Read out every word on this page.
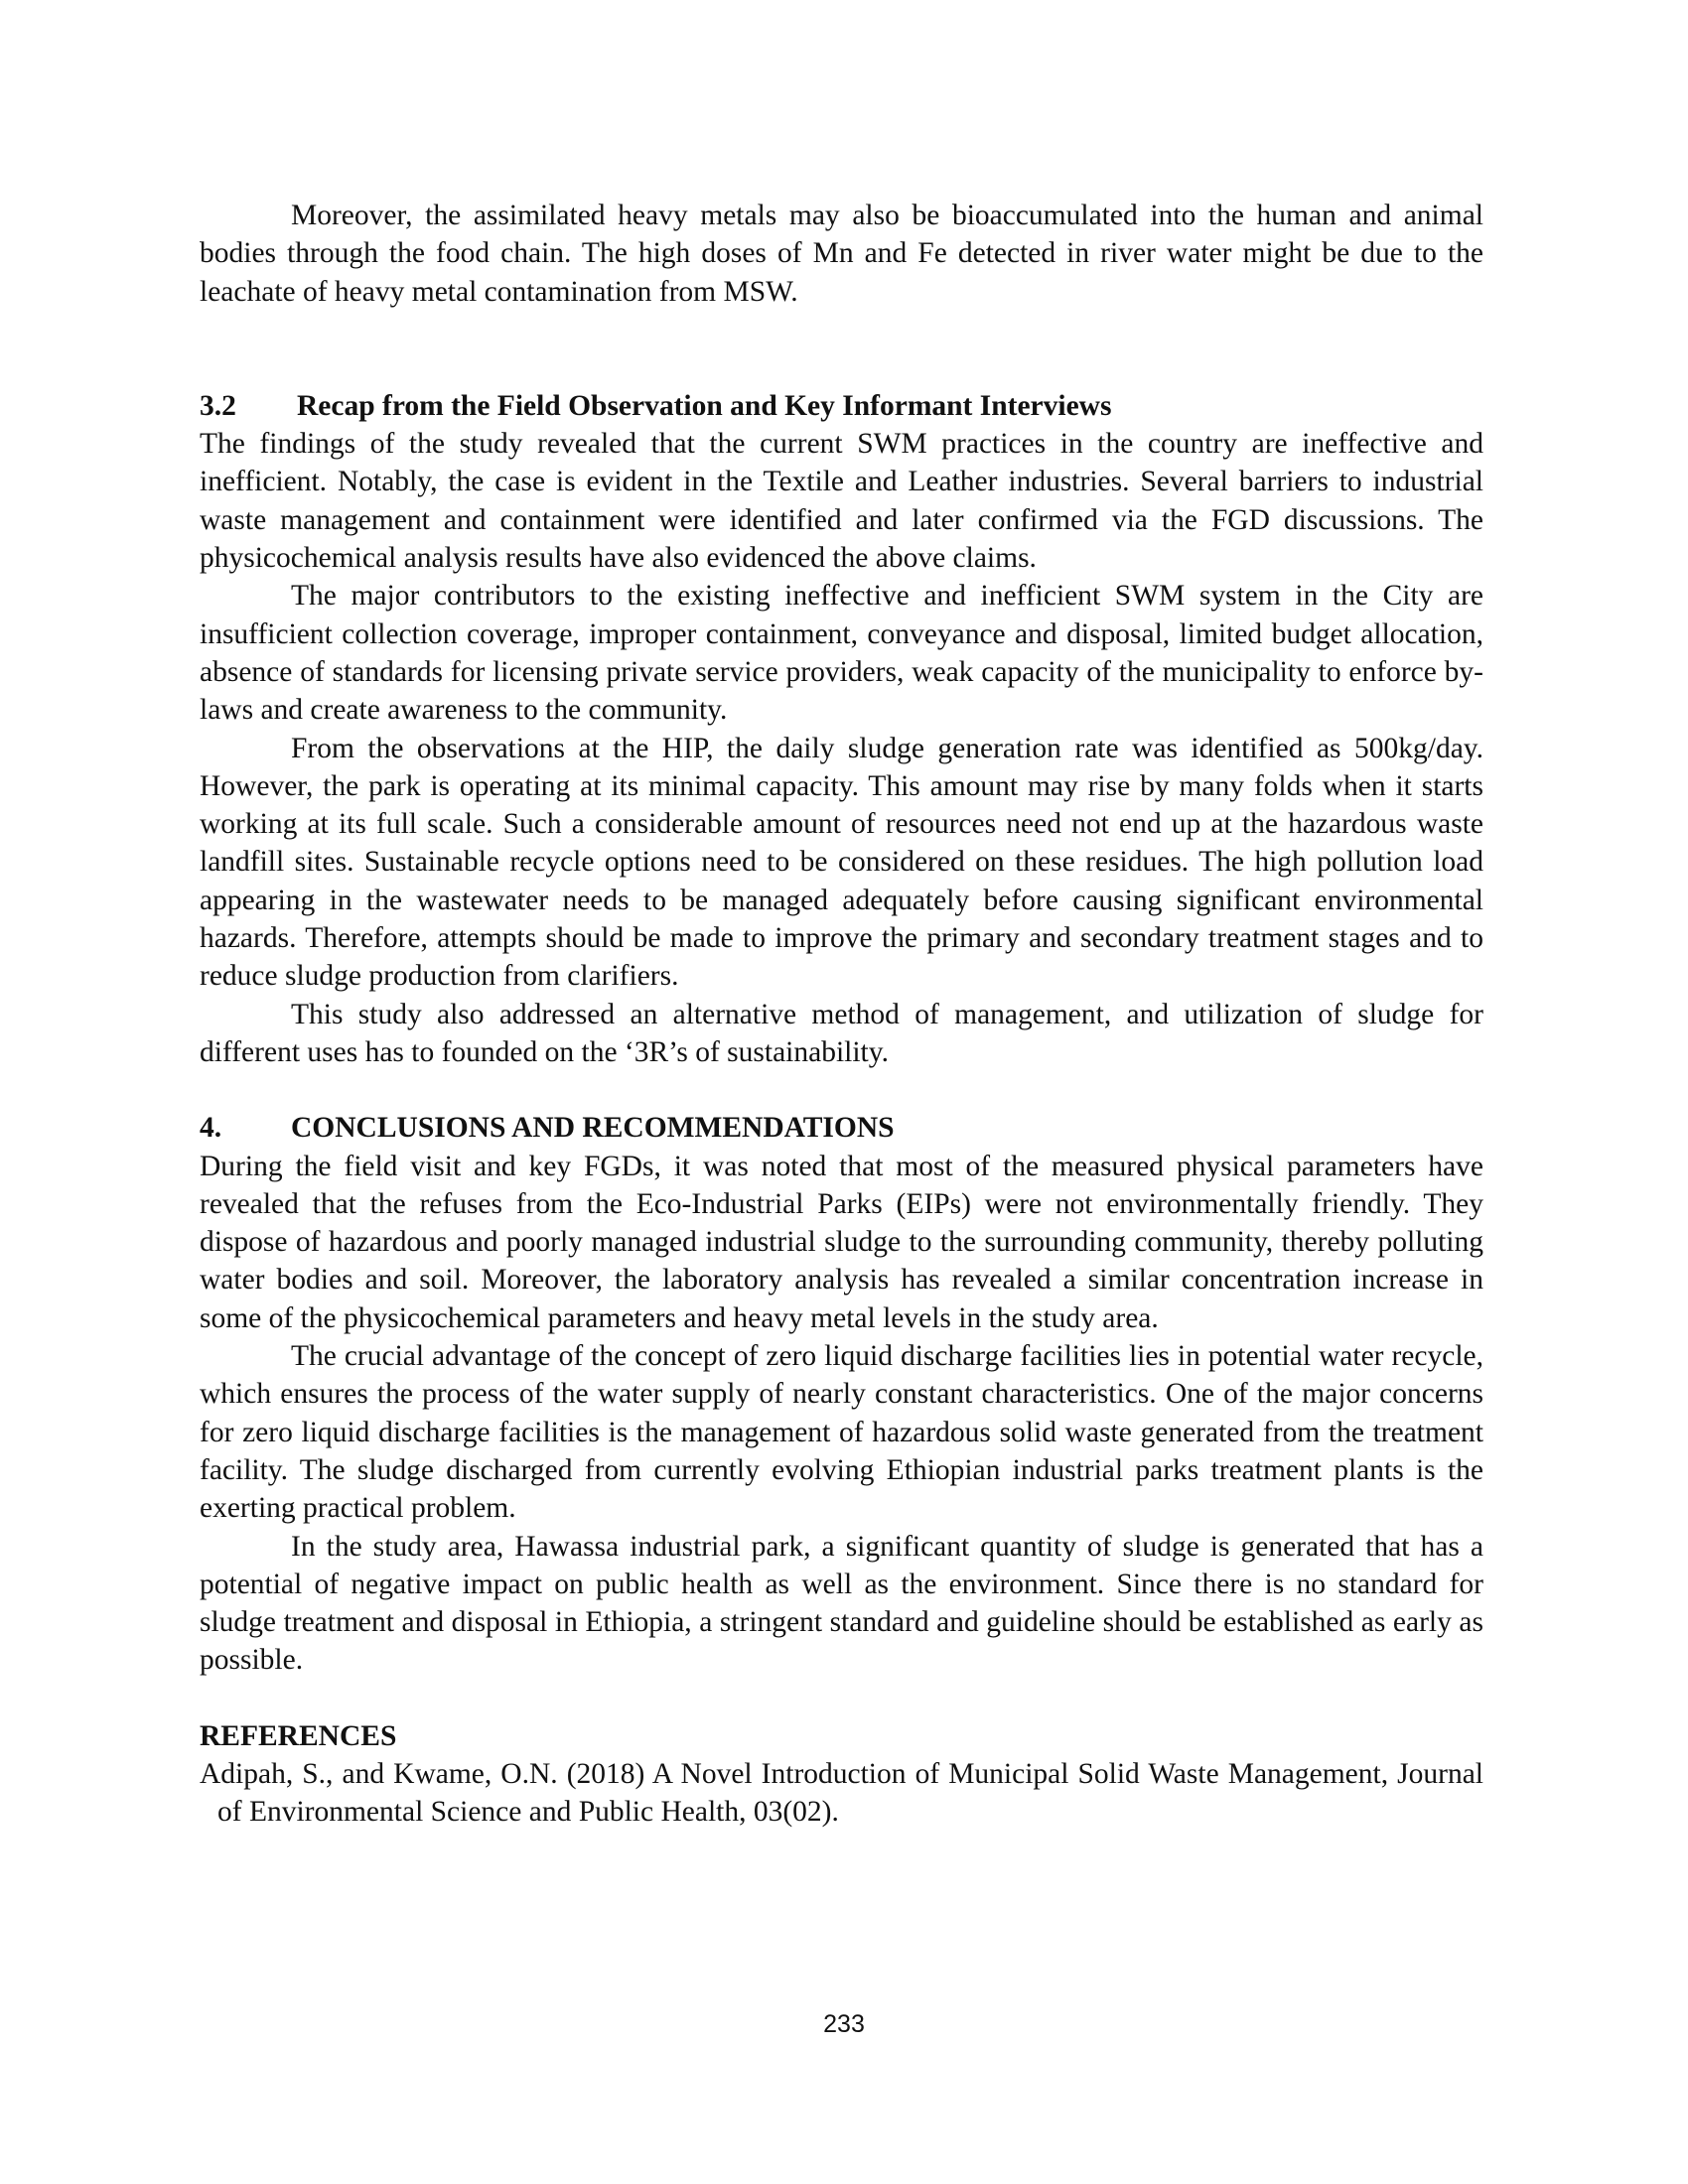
Moreover, the assimilated heavy metals may also be bioaccumulated into the human and animal bodies through the food chain. The high doses of Mn and Fe detected in river water might be due to the leachate of heavy metal contamination from MSW.

3.2	Recap from the Field Observation and Key Informant Interviews

The findings of the study revealed that the current SWM practices in the country are ineffective and inefficient. Notably, the case is evident in the Textile and Leather industries. Several barriers to industrial waste management and containment were identified and later confirmed via the FGD discussions. The physicochemical analysis results have also evidenced the above claims.

The major contributors to the existing ineffective and inefficient SWM system in the City are insufficient collection coverage, improper containment, conveyance and disposal, limited budget allocation, absence of standards for licensing private service providers, weak capacity of the municipality to enforce by-laws and create awareness to the community.

From the observations at the HIP, the daily sludge generation rate was identified as 500kg/day. However, the park is operating at its minimal capacity. This amount may rise by many folds when it starts working at its full scale. Such a considerable amount of resources need not end up at the hazardous waste landfill sites. Sustainable recycle options need to be considered on these residues. The high pollution load appearing in the wastewater needs to be managed adequately before causing significant environmental hazards. Therefore, attempts should be made to improve the primary and secondary treatment stages and to reduce sludge production from clarifiers.

This study also addressed an alternative method of management, and utilization of sludge for different uses has to founded on the ‘3R’s of sustainability.

4.	CONCLUSIONS AND RECOMMENDATIONS

During the field visit and key FGDs, it was noted that most of the measured physical parameters have revealed that the refuses from the Eco-Industrial Parks (EIPs) were not environmentally friendly. They dispose of hazardous and poorly managed industrial sludge to the surrounding community, thereby polluting water bodies and soil. Moreover, the laboratory analysis has revealed a similar concentration increase in some of the physicochemical parameters and heavy metal levels in the study area.

The crucial advantage of the concept of zero liquid discharge facilities lies in potential water recycle, which ensures the process of the water supply of nearly constant characteristics. One of the major concerns for zero liquid discharge facilities is the management of hazardous solid waste generated from the treatment facility. The sludge discharged from currently evolving Ethiopian industrial parks treatment plants is the exerting practical problem.

In the study area, Hawassa industrial park, a significant quantity of sludge is generated that has a potential of negative impact on public health as well as the environment. Since there is no standard for sludge treatment and disposal in Ethiopia, a stringent standard and guideline should be established as early as possible.

REFERENCES

Adipah, S., and Kwame, O.N. (2018) A Novel Introduction of Municipal Solid Waste Management, Journal of Environmental Science and Public Health, 03(02).

233
